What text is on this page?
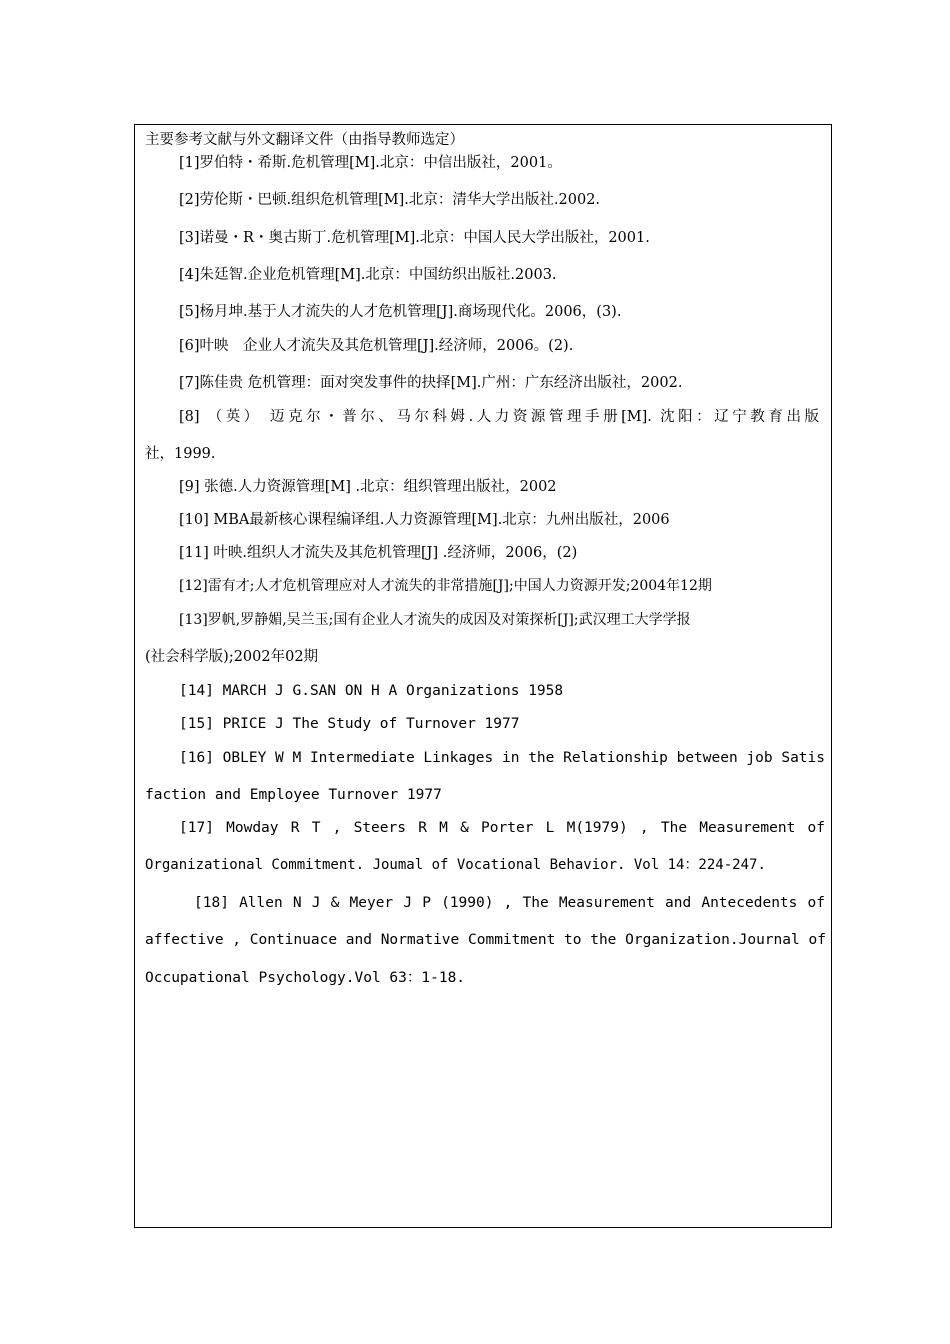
主要参考文献与外文翻译文件（由指导教师选定）
[1]罗伯特・希斯.危机管理[M].北京：中信出版社，2001。
[2]劳伦斯・巴顿.组织危机管理[M].北京：清华大学出版社.2002.
[3]诺曼・R・奥古斯丁.危机管理[M].北京：中国人民大学出版社，2001.
[4]朱廷智.企业危机管理[M].北京：中国纺织出版社.2003.
[5]杨月坤.基于人才流失的人才危机管理[J].商场现代化。2006，(3).
[6]叶映　企业人才流失及其危机管理[J].经济师，2006。(2).
[7]陈佳贵 危机管理：面对突发事件的抉择[M].广州：广东经济出版社，2002.
[8] （英） 迈克尔・普尔、马尔科姆.人力资源管理手册[M]. 沈阳：辽宁教育出版
社，1999.
[9] 张德.人力资源管理[M] .北京：组织管理出版社，2002
[10] MBA最新核心课程编译组.人力资源管理[M].北京：九州出版社，2006
[11] 叶映.组织人才流失及其危机管理[J] .经济师，2006，(2)
[12]雷有才;人才危机管理应对人才流失的非常措施[J];中国人力资源开发;2004年12期
[13]罗帆,罗静媚,吴兰玉;国有企业人才流失的成因及对策探析[J];武汉理工大学学报
(社会科学版);2002年02期
[14] MARCH J G.SAN ON H A Organizations 1958
[15] PRICE J The Study of Turnover 1977
[16] OBLEY W M Intermediate Linkages in the Relationship between job Satis
faction and Employee Turnover 1977
[17] Mowday R T , Steers R M & Porter L M(1979) , The Measurement of
Organizational Commitment. Joumal of Vocational Behavior. Vol 14：224-247.
[18] Allen N J & Meyer J P (1990) , The Measurement and Antecedents of
affective , Continuace and Normative Commitment to the Organization.Journal of
Occupational Psychology.Vol 63：1-18.
